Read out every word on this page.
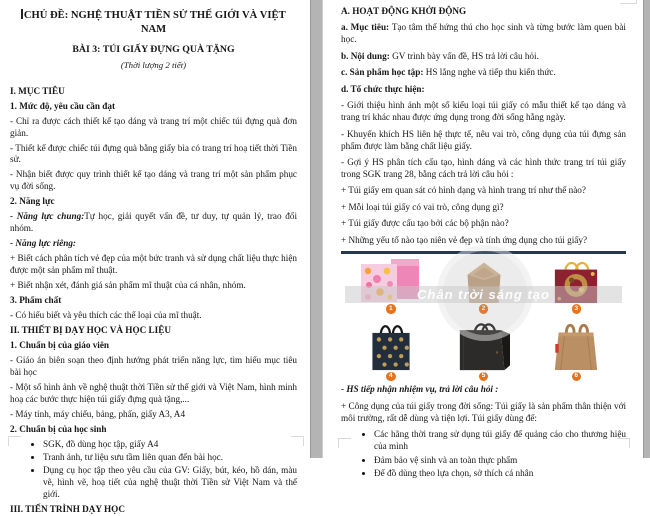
CHỦ ĐỀ: NGHỆ THUẬT TIỀN SỬ THẾ GIỚI VÀ VIỆT NAM

BÀI 3: TÚI GIẤY ĐỰNG QUÀ TẶNG

(Thời lượng 2 tiết)

I. MỤC TIÊU

1. Mức độ, yêu cầu cần đạt

- Chỉ ra được cách thiết kế tạo dáng và trang trí một chiếc túi đựng quà đơn giản.

- Thiết kế được chiếc túi đựng quà bằng giấy bìa có trang trí hoạ tiết thời Tiền sử.

- Nhận biết được quy trình thiết kế tạo dáng và trang trí một sản phẩm phục vụ đời sống.

2. Năng lực

- Năng lực chung:Tự học, giải quyết vấn đề, tư duy, tự quản lý, trao đổi nhóm.

- Năng lực riêng:

+ Biết cách phân tích vẻ đẹp của một bức tranh và sử dụng chất liệu thực hiện được một sản phẩm mĩ thuật.

+ Biết nhận xét, đánh giá sản phẩm mĩ thuật của cá nhân, nhóm.

3. Phẩm chất

- Có hiểu biết và yêu thích các thể loại của mĩ thuật.

II. THIẾT BỊ DẠY HỌC VÀ HỌC LIỆU

1. Chuẩn bị của giáo viên

- Giáo án biên soạn theo định hướng phát triển năng lực, tìm hiểu mục tiêu bài học

- Một số hình ảnh về nghệ thuật thời Tiền sử thế giới và Việt Nam, hình minh hoạ các bước thực hiện túi giấy đựng quà tặng,...

- Máy tính, máy chiếu, bảng, phấn, giấy A3, A4

2. Chuẩn bị của học sinh

• SGK, đồ dùng học tập, giấy A4
• Tranh ảnh, tư liệu sưu tầm liên quan đến bài học.
• Dụng cụ học tập theo yêu cầu của GV: Giấy, bút, kéo, hồ dán, màu vẽ, hình vẽ, hoạ tiết của nghệ thuật thời Tiền sử Việt Nam và thế giới.

III. TIẾN TRÌNH DẠY HỌC

A. HOẠT ĐỘNG KHỞI ĐỘNG

a. Mục tiêu: Tạo tâm thế hứng thú cho học sinh và từng bước làm quen bài học.

b. Nội dung: GV trình bày vấn đề, HS trả lời câu hỏi.

c. Sản phẩm học tập: HS lắng nghe và tiếp thu kiến thức.

d. Tổ chức thực hiện:

- Giới thiệu hình ảnh một số kiểu loại túi giấy có mẫu thiết kế tạo dáng và trang trí khác nhau được ứng dụng trong đời sống hằng ngày.

- Khuyến khích HS liên hệ thực tế, nêu vai trò, công dụng của túi đựng sản phẩm được làm bằng chất liệu giấy.

- Gợi ý HS phân tích cấu tạo, hình dáng và các hình thức trang trí túi giấy trong SGK trang 28, bằng cách trả lời câu hỏi :

+ Túi giấy em quan sát có hình dạng và hình trang trí như thế nào?

+ Mỗi loại túi giấy có vai trò, công dụng gì?

+ Túi giấy được cấu tạo bởi các bộ phận nào?

+ Những yếu tố nào tạo niên vẻ đẹp và tính ứng dụng cho túi giấy?

Chân trời sáng tạo
1	2	3
4	5	6

- HS tiếp nhận nhiệm vụ, trả lời câu hỏi :

+ Công dụng của túi giấy trong đời sống: Túi giấy là sản phẩm thân thiện với môi trường, rất dễ dùng và tiện lợi. Túi giấy dùng để:

• Các hãng thời trang sử dụng túi giấy để quảng cáo cho thương hiệu của mình
• Đảm bảo vệ sinh và an toàn thực phẩm
• Để đồ dùng theo lựa chọn, sở thích cá nhân
